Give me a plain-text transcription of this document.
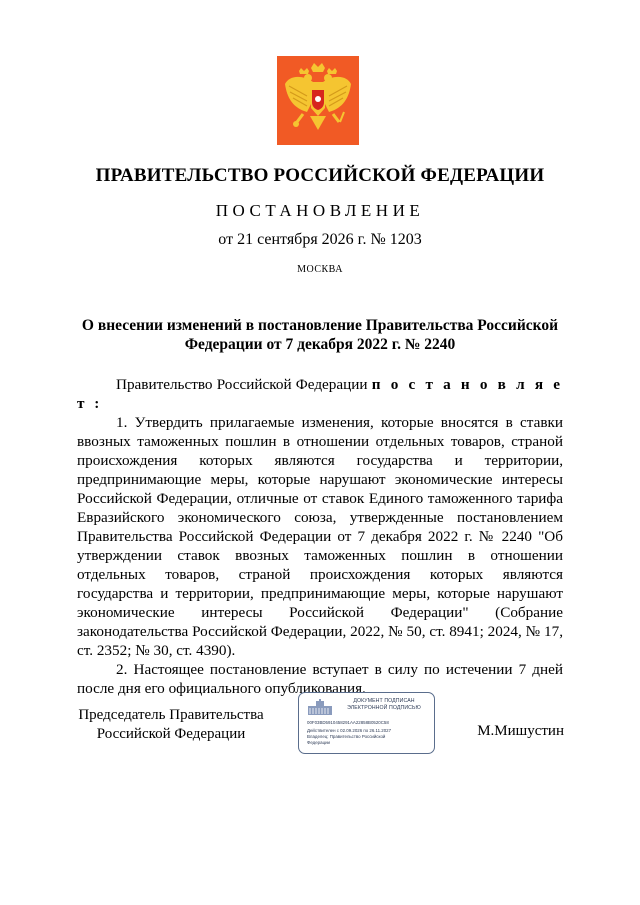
ПРАВИТЕЛЬСТВО РОССИЙСКОЙ ФЕДЕРАЦИИ
ПОСТАНОВЛЕНИЕ
от 21 сентября 2026 г. № 1203
МОСКВА
О внесении изменений в постановление Правительства Российской Федерации от 7 декабря 2022 г. № 2240

Правительство Российской Федерации п о с т а н о в л я е т :

1. Утвердить прилагаемые изменения, которые вносятся в ставки ввозных таможенных пошлин в отношении отдельных товаров, страной происхождения которых являются государства и территории, предпринимающие меры, которые нарушают экономические интересы Российской Федерации, отличные от ставок Единого таможенного тарифа Евразийского экономического союза, утвержденные постановлением Правительства Российской Федерации от 7 декабря 2022 г. № 2240 "Об утверждении ставок ввозных таможенных пошлин в отношении отдельных товаров, страной происхождения которых являются государства и территории, предпринимающие меры, которые нарушают экономические интересы Российской Федерации" (Собрание законодательства Российской Федерации, 2022, № 50, ст. 8941; 2024, № 17, ст. 2352; № 30, ст. 4390).

2. Настоящее постановление вступает в силу по истечении 7 дней после дня его официального опубликования.

Председатель Правительства
Российской Федерации
ДОКУМЕНТ ПОДПИСАН
ЭЛЕКТРОННОЙ ПОДПИСЬЮ
00F03BD5910458291AA22858B0520C58
Действителен с 02.09.2026 по 26.11.2027
Владелец: Правительство Российской
Федерации
М.Мишустин
